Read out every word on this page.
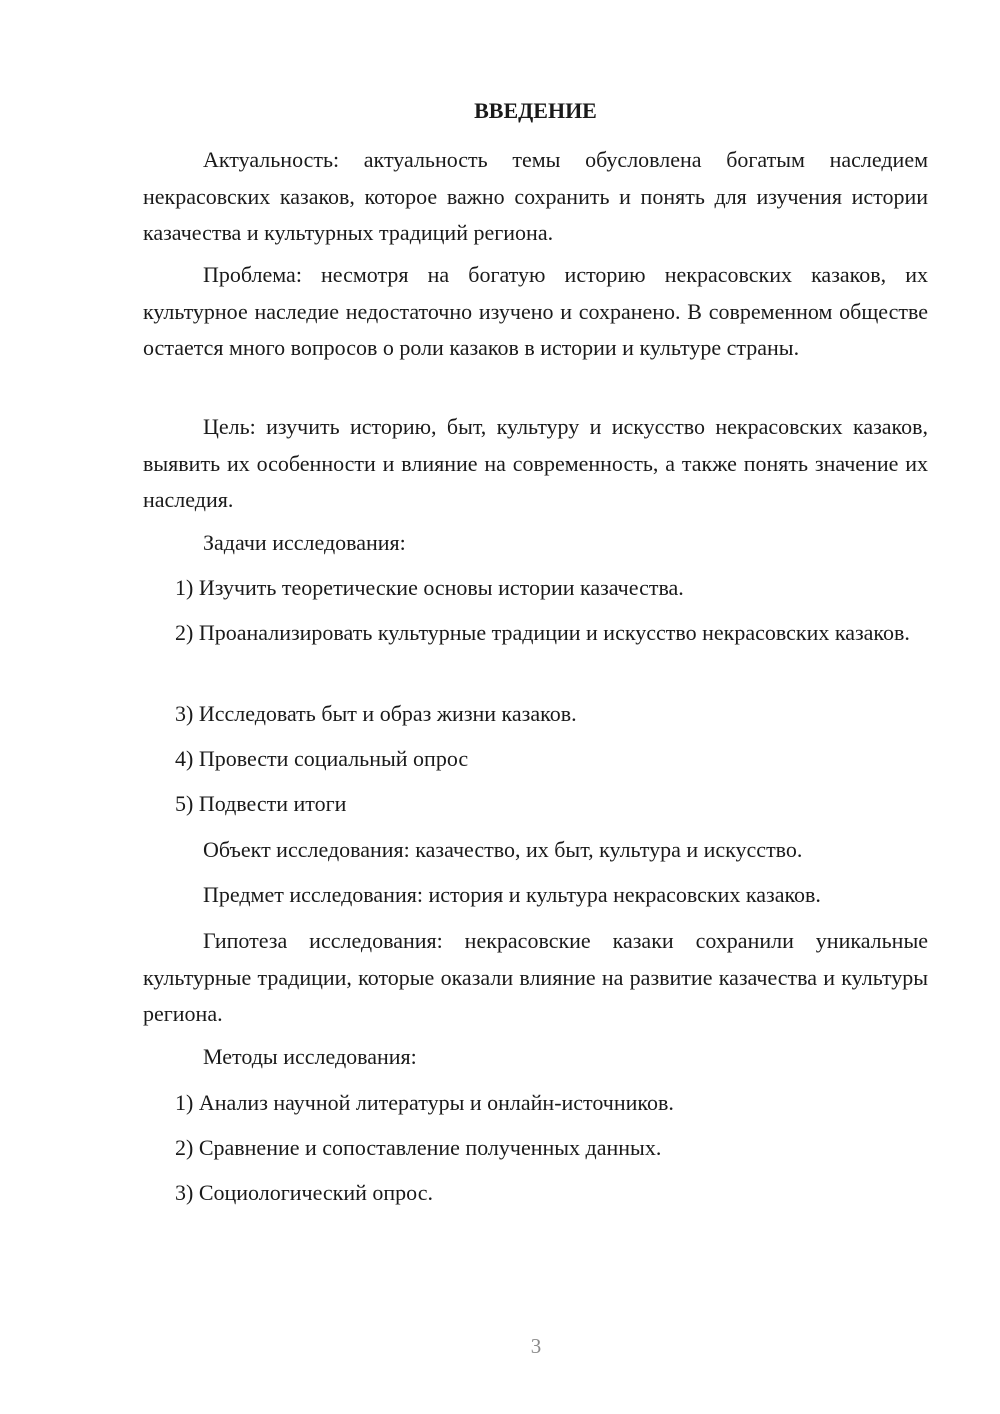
ВВЕДЕНИЕ

Актуальность: актуальность темы обусловлена богатым наследием некрасовских казаков, которое важно сохранить и понять для изучения истории казачества и культурных традиций региона.

Проблема: несмотря на богатую историю некрасовских казаков, их культурное наследие недостаточно изучено и сохранено. В современном обществе остается много вопросов о роли казаков в истории и культуре страны.

Цель: изучить историю, быт, культуру и искусство некрасовских казаков, выявить их особенности и влияние на современность, а также понять значение их наследия.

Задачи исследования:

1) Изучить теоретические основы истории казачества.

2) Проанализировать культурные традиции и искусство некрасовских казаков.

3) Исследовать быт и образ жизни казаков.

4) Провести социальный опрос

5) Подвести итоги

Объект исследования: казачество, их быт, культура и искусство.

Предмет исследования: история и культура некрасовских казаков.

Гипотеза исследования: некрасовские казаки сохранили уникальные культурные традиции, которые оказали влияние на развитие казачества и культуры региона.

Методы исследования:

1) Анализ научной литературы и онлайн-источников.

2) Сравнение и сопоставление полученных данных.

3) Социологический опрос.

3
